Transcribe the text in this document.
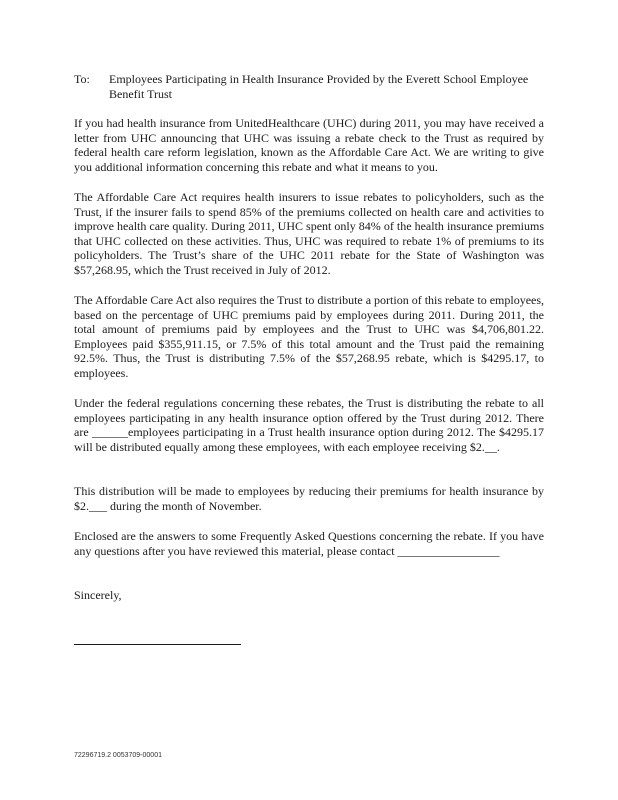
To:	Employees Participating in Health Insurance Provided by the Everett School Employee Benefit Trust

If you had health insurance from UnitedHealthcare (UHC) during 2011, you may have received a letter from UHC announcing that UHC was issuing a rebate check to the Trust as required by federal health care reform legislation, known as the Affordable Care Act. We are writing to give you additional information concerning this rebate and what it means to you.

The Affordable Care Act requires health insurers to issue rebates to policyholders, such as the Trust, if the insurer fails to spend 85% of the premiums collected on health care and activities to improve health care quality. During 2011, UHC spent only 84% of the health insurance premiums that UHC collected on these activities. Thus, UHC was required to rebate 1% of premiums to its policyholders. The Trust’s share of the UHC 2011 rebate for the State of Washington was $57,268.95, which the Trust received in July of 2012.

The Affordable Care Act also requires the Trust to distribute a portion of this rebate to employees, based on the percentage of UHC premiums paid by employees during 2011. During 2011, the total amount of premiums paid by employees and the Trust to UHC was $4,706,801.22. Employees paid $355,911.15, or 7.5% of this total amount and the Trust paid the remaining 92.5%. Thus, the Trust is distributing 7.5% of the $57,268.95 rebate, which is $4295.17, to employees.

Under the federal regulations concerning these rebates, the Trust is distributing the rebate to all employees participating in any health insurance option offered by the Trust during 2012. There are ______employees participating in a Trust health insurance option during 2012. The $4295.17 will be distributed equally among these employees, with each employee receiving $2.__.

This distribution will be made to employees by reducing their premiums for health insurance by $2.___ during the month of November.

Enclosed are the answers to some Frequently Asked Questions concerning the rebate. If you have any questions after you have reviewed this material, please contact _________________

Sincerely,
72296719.2 0053709-00001
